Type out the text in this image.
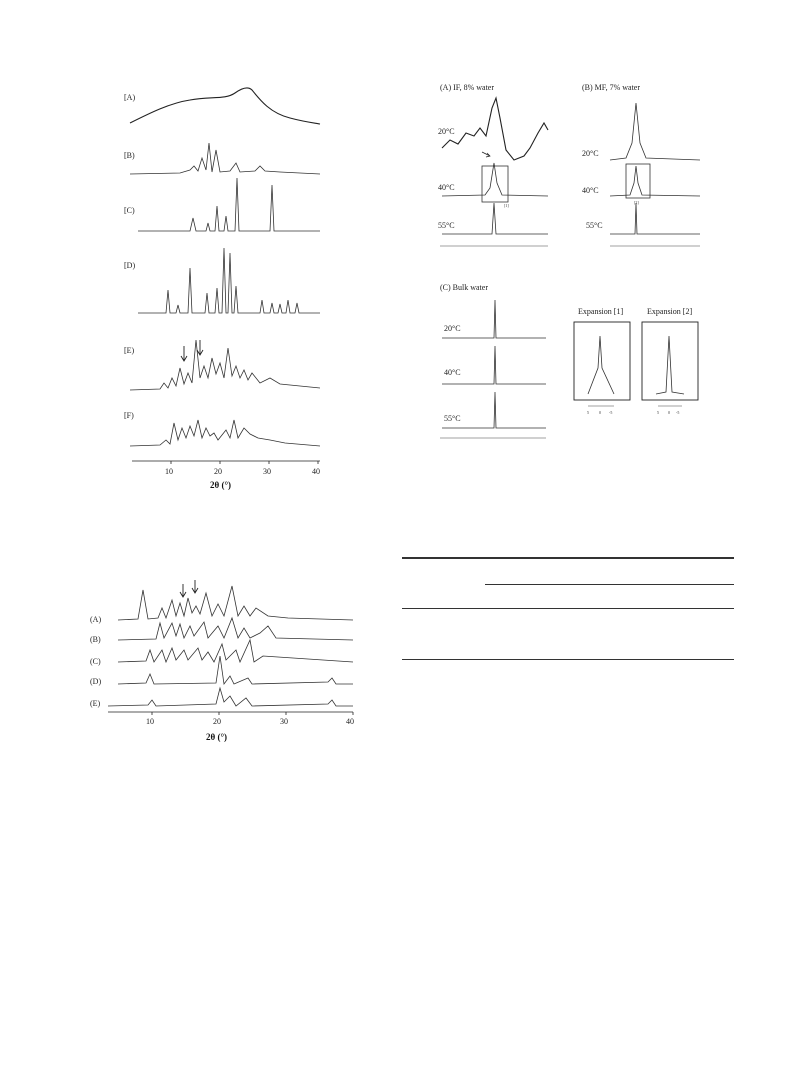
[A)
[B)
[C)
[D)
[E)
[F)
10	20	30	40
2θ (°)
(A) IF, 8% water
20°C
40°C
55°C
[1]
(B) MF, 7% water
20°C
40°C
55°C
[2]
(C) Bulk water
20°C
40°C
55°C
Expansion [1]
5	0 -5
Expansion [2]
5 0 -5
(A)
(B)
(C)
(D)
(E)
10	20	30	40
2θ (°)
